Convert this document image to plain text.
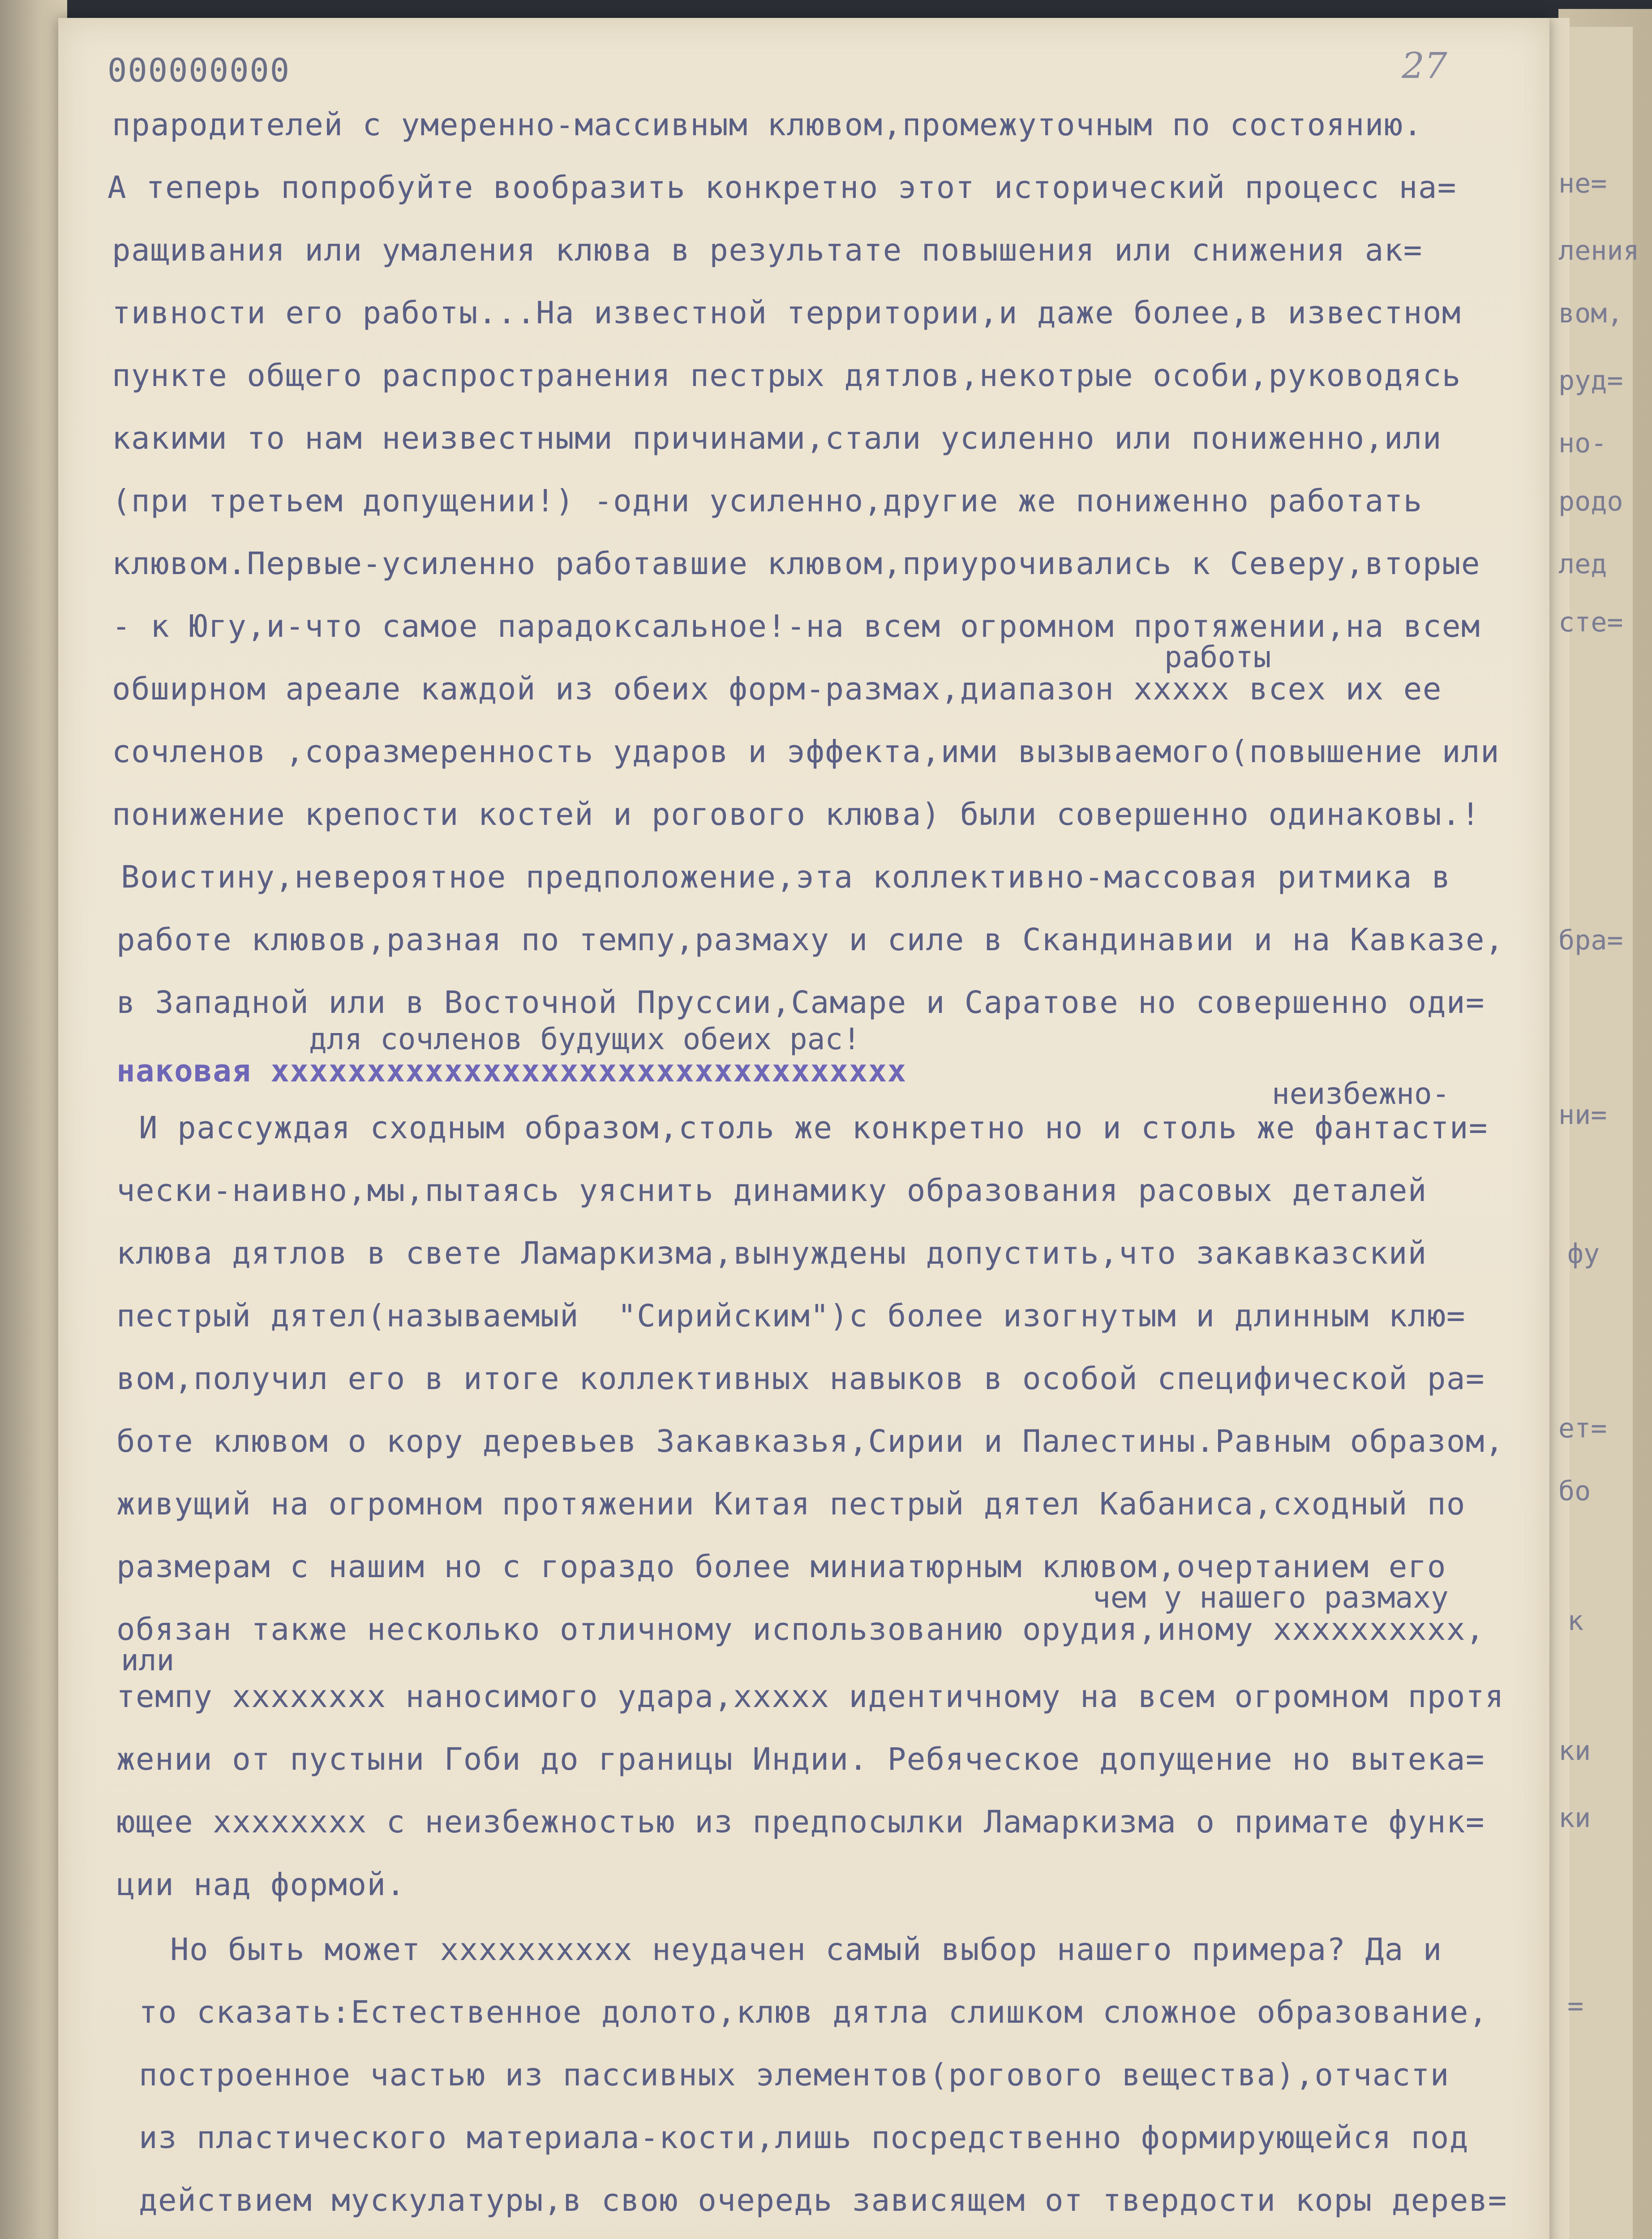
не=
ления
вом,
руд=
но-
родо
лед
сте=
бра=
ни=
фу
ет=
бо
к
ки
ки
=
000000000	27
прародителей с умеренно-массивным клювом,промежуточным по состоянию.
А теперь попробуйте вообразить конкретно этот исторический процесс на=
ращивания или умаления клюва в результате повышения или снижения ак=
тивности его работы...На известной территории,и даже более,в известном
пункте общего распространения пестрых дятлов,некотрые особи,руководясь
какими то нам неизвестными причинами,стали усиленно или пониженно,или
(при третьем допущении!) -одни усиленно,другие же пониженно работать
клювом.Первые-усиленно работавшие клювом,приурочивались к Северу,вторые
- к Югу,и-что самое парадоксальное!-на всем огромном протяжении,на всем
работы
обширном ареале каждой из обеих форм-размах,диапазон ххххх всех их ее
сочленов ,соразмеренность ударов и эффекта,ими вызываемого(повышение или
понижение крепости костей и рогового клюва) были совершенно одинаковы.!
Воистину,невероятное предположение,эта коллективно-массовая ритмика в
работе клювов,разная по темпу,размаху и силе в Скандинавии и на Кавказе,
в Западной или в Восточной Пруссии,Самаре и Саратове но совершенно оди=
для сочленов будущих обеих рас!
наковая ххххххххххххххххххххххххххххххххх
неизбежно-
И рассуждая сходным образом,столь же конкретно но и столь же фантасти=
чески-наивно,мы,пытаясь уяснить динамику образования расовых деталей
клюва дятлов в свете Ламаркизма,вынуждены допустить,что закавказский
пестрый дятел(называемый  "Сирийским")с более изогнутым и длинным клю=
вом,получил его в итоге коллективных навыков в особой специфической ра=
боте клювом о кору деревьев Закавказья,Сирии и Палестины.Равным образом,
живущий на огромном протяжении Китая пестрый дятел Кабаниса,сходный по
размерам с нашим но с гораздо более миниатюрным клювом,очертанием его
чем у нашего размаху
обязан также несколько отличному использованию орудия,иному хххххххххх,
или
темпу хххххххх наносимого удара,ххххх идентичному на всем огромном протя
жении от пустыни Гоби до границы Индии. Ребяческое допущение но вытека=
ющее хххххххх с неизбежностью из предпосылки Ламаркизма о примате функ=
ции над формой.
Но быть может хххххххххх неудачен самый выбор нашего примера? Да и
то сказать:Естественное долото,клюв дятла слишком сложное образование,
построенное частью из пассивных элементов(рогового вещества),отчасти
из пластического материала-кости,лишь посредственно формирующейся под
действием мускулатуры,в свою очередь зависящем от твердости коры дерев=
